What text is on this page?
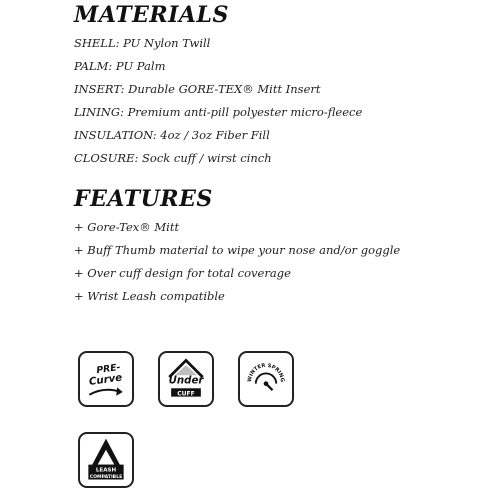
MATERIALS

SHELL: PU Nylon Twill

PALM: PU Palm

INSERT: Durable GORE-TEX® Mitt Insert

LINING: Premium anti-pill polyester micro-fleece

INSULATION: 4oz / 3oz Fiber Fill

CLOSURE: Sock cuff / wirst cinch

FEATURES

+ Gore-Tex® Mitt

+ Buff Thumb material to wipe your nose and/or goggle

+ Over cuff design for total coverage

+ Wrist Leash compatible

PRE-
Curve	Under
CUFF
WINTER SPRING
LEASH
COMPATIBLE
